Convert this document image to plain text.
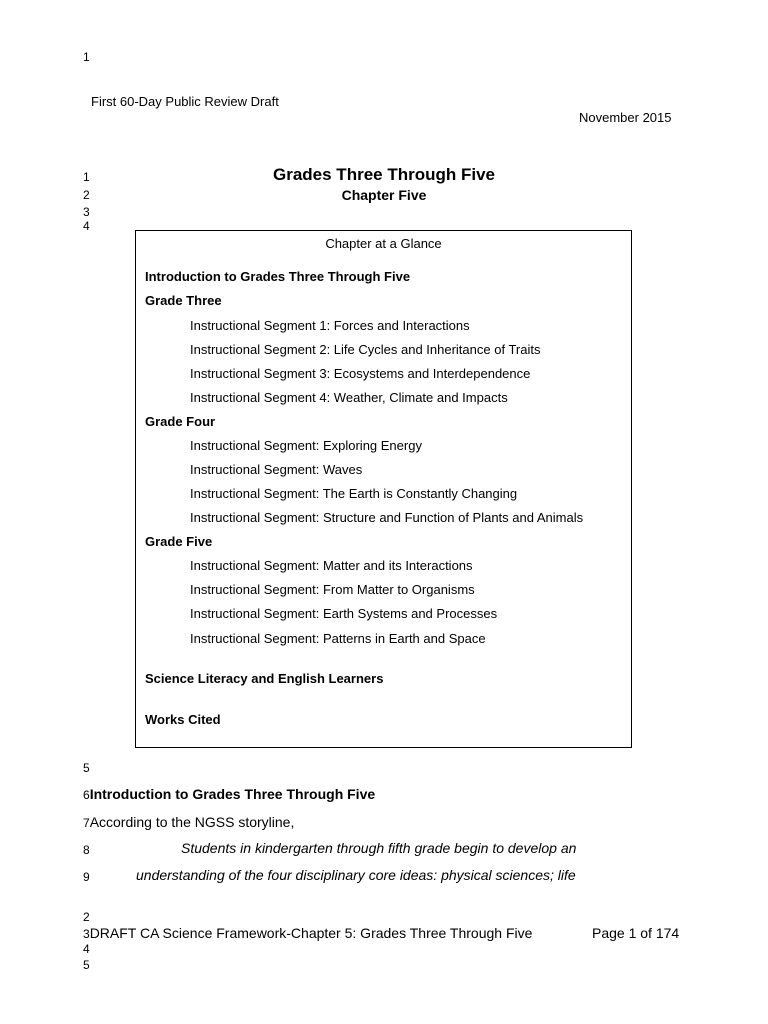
1
First 60-Day Public Review Draft
November 2015
1
2
3
4
Grades Three Through Five
Chapter Five
Chapter at a Glance
Introduction to Grades Three Through Five
Grade Three
Instructional Segment 1: Forces and Interactions
Instructional Segment 2: Life Cycles and Inheritance of Traits
Instructional Segment 3: Ecosystems and Interdependence
Instructional Segment 4: Weather, Climate and Impacts
Grade Four
Instructional Segment: Exploring Energy
Instructional Segment: Waves
Instructional Segment: The Earth is Constantly Changing
Instructional Segment: Structure and Function of Plants and Animals
Grade Five
Instructional Segment: Matter and its Interactions
Instructional Segment: From Matter to Organisms
Instructional Segment: Earth Systems and Processes
Instructional Segment: Patterns in Earth and Space
Science Literacy and English Learners
Works Cited
5
6Introduction to Grades Three Through Five
7According to the NGSS storyline,
8	Students in kindergarten through fifth grade begin to develop an
9	understanding of the four disciplinary core ideas: physical sciences; life
2
3DRAFT CA Science Framework-Chapter 5: Grades Three Through Five	Page 1 of 174
4
5
